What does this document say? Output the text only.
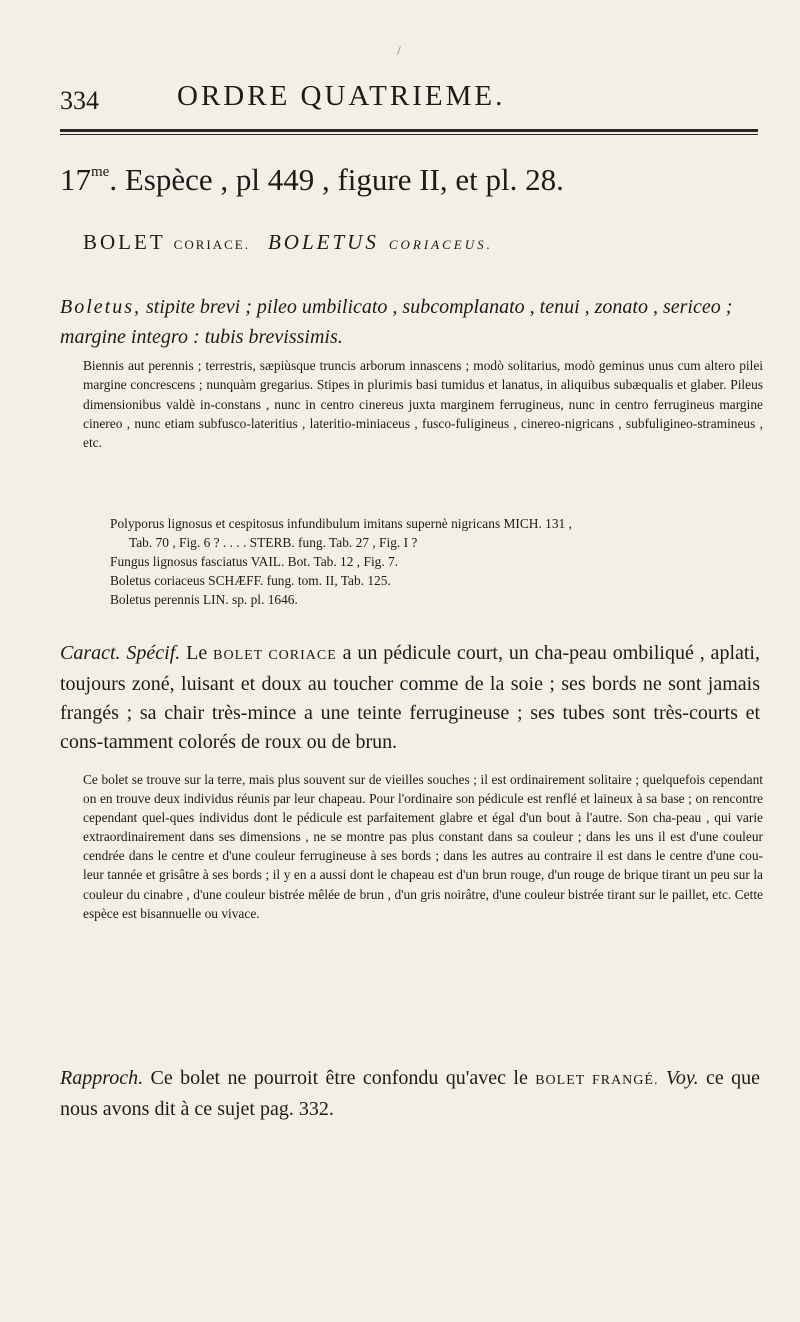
/
334	ORDRE QUATRIEME.
$17^{me}$. Espèce , pl 449 , figure II, et pl. 28.
BOLET CORIACE. BOLETUS CORIACEUS.
Boletus, stipite brevi ; pileo umbilicato , subcomplanato , tenui , zonato , sericeo ; margine integro : tubis brevissimis.

Biennis aut perennis ; terrestris, sæpiùsque truncis arborum innascens ; modò solitarius, modò geminus unus cum altero pilei margine concrescens ; nunquàm gregarius. Stipes in plurimis basi tumidus et lanatus, in aliquibus subæqualis et glaber. Pileus dimensionibus valdè in-constans , nunc in centro cinereus juxta marginem ferrugineus, nunc in centro ferrugineus margine cinereo , nunc etiam subfusco-lateritius , lateritio-miniaceus , fusco-fuligineus , cinereo-nigricans , subfuligineo-stramineus , etc.

Polyporus lignosus et cespitosus infundibulum imitans supernè nigricans MICH. 131 ,

Tab. 70 , Fig. 6 ? . . . . STERB. fung. Tab. 27 , Fig. I ?

Fungus lignosus fasciatus VAIL. Bot. Tab. 12 , Fig. 7.

Boletus coriaceus SCHÆFF. fung. tom. II, Tab. 125.

Boletus perennis LIN. sp. pl. 1646.

Caract. Spécif. Le BOLET CORIACE a un pédicule court, un cha-peau ombiliqué , aplati, toujours zoné, luisant et doux au toucher comme de la soie ; ses bords ne sont jamais frangés ; sa chair très-mince a une teinte ferrugineuse ; ses tubes sont très-courts et cons-tamment colorés de roux ou de brun.

Ce bolet se trouve sur la terre, mais plus souvent sur de vieilles souches ; il est ordinairement solitaire ; quelquefois cependant on en trouve deux individus réunis par leur chapeau. Pour l'ordinaire son pédicule est renflé et laineux à sa base ; on rencontre cependant quel-ques individus dont le pédicule est parfaitement glabre et égal d'un bout à l'autre. Son cha-peau , qui varie extraordinairement dans ses dimensions , ne se montre pas plus constant dans sa couleur ; dans les uns il est d'une couleur cendrée dans le centre et d'une couleur ferrugineuse à ses bords ; dans les autres au contraire il est dans le centre d'une cou-leur tannée et grisâtre à ses bords ; il y en a aussi dont le chapeau est d'un brun rouge, d'un rouge de brique tirant un peu sur la couleur du cinabre , d'une couleur bistrée mêlée de brun , d'un gris noirâtre, d'une couleur bistrée tirant sur le paillet, etc. Cette espèce est bisannuelle ou vivace.

Rapproch. Ce bolet ne pourroit être confondu qu'avec le BOLET FRANGÉ. Voy. ce que nous avons dit à ce sujet pag. 332.
